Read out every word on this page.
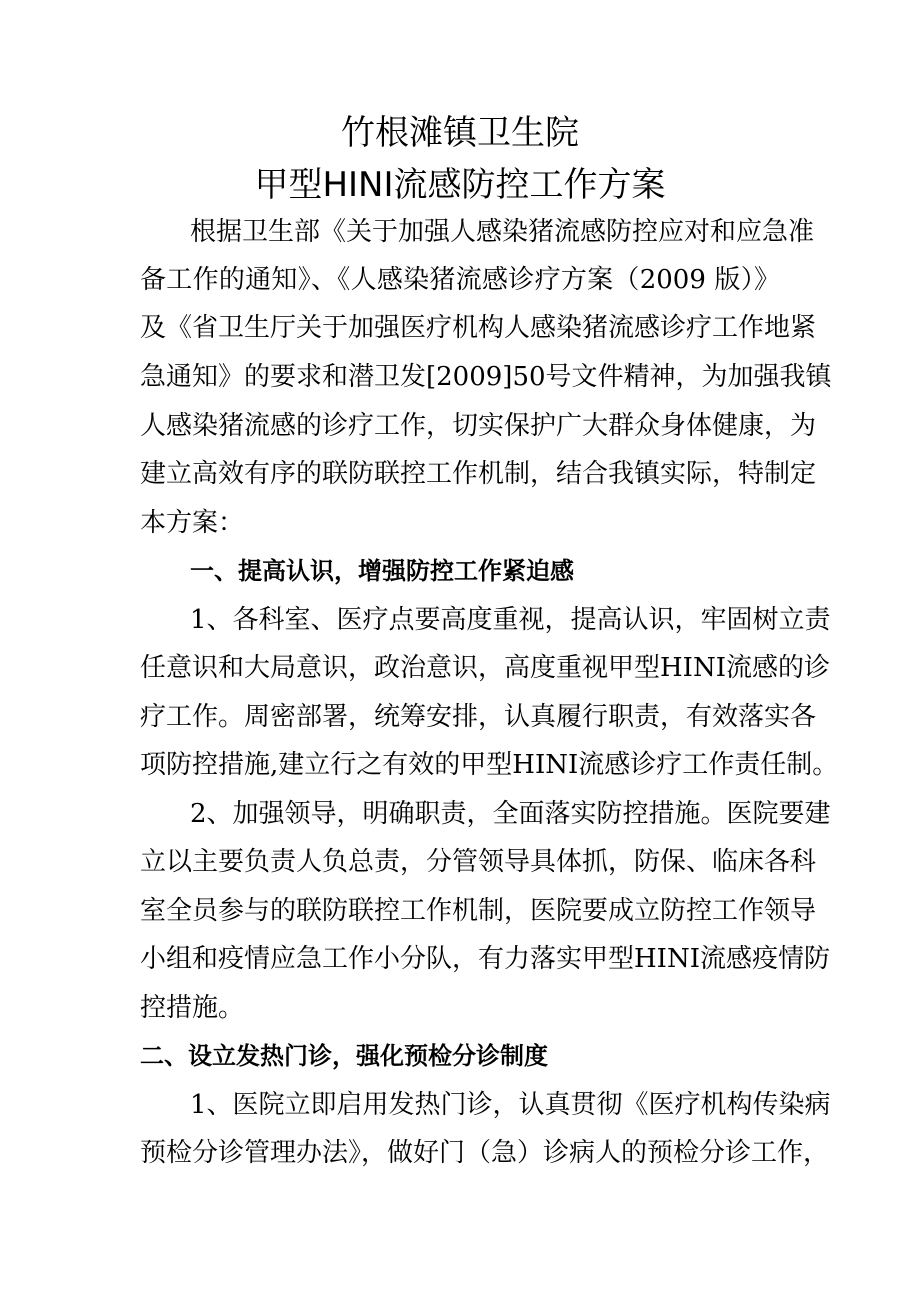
竹根滩镇卫生院
甲型HINI流感防控工作方案
根据卫生部《关于加强人感染猪流感防控应对和应急准
备工作的通知》、《人感染猪流感诊疗方案（2009 版）》
及《省卫生厅关于加强医疗机构人感染猪流感诊疗工作地紧
急通知》的要求和潜卫发[2009]50号文件精神，为加强我镇
人感染猪流感的诊疗工作，切实保护广大群众身体健康，为
建立高效有序的联防联控工作机制，结合我镇实际，特制定
本方案：
一、提高认识，增强防控工作紧迫感
1、各科室、医疗点要高度重视，提高认识，牢固树立责
任意识和大局意识，政治意识，高度重视甲型HINI流感的诊
疗工作。周密部署，统筹安排，认真履行职责，有效落实各
项防控措施,建立行之有效的甲型HINI流感诊疗工作责任制。
2、加强领导，明确职责，全面落实防控措施。医院要建
立以主要负责人负总责，分管领导具体抓，防保、临床各科
室全员参与的联防联控工作机制，医院要成立防控工作领导
小组和疫情应急工作小分队，有力落实甲型HINI流感疫情防
控措施。
二、设立发热门诊，强化预检分诊制度
1、医院立即启用发热门诊，认真贯彻《医疗机构传染病
预检分诊管理办法》，做好门（急）诊病人的预检分诊工作，
